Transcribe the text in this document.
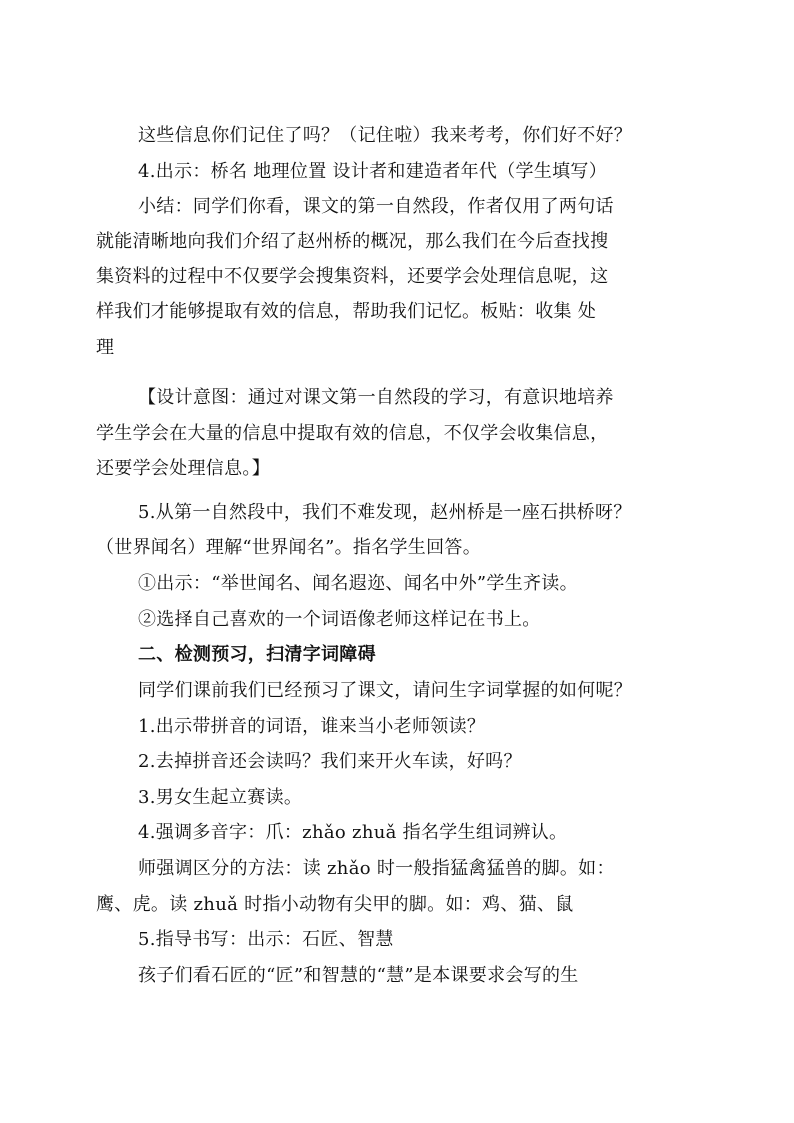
这些信息你们记住了吗？（记住啦）我来考考，你们好不好？
4.出示：桥名 地理位置 设计者和建造者年代（学生填写）
小结：同学们你看，课文的第一自然段，作者仅用了两句话
就能清晰地向我们介绍了赵州桥的概况，那么我们在今后查找搜
集资料的过程中不仅要学会搜集资料，还要学会处理信息呢，这
样我们才能够提取有效的信息，帮助我们记忆。板贴：收集 处
理
【设计意图：通过对课文第一自然段的学习，有意识地培养
学生学会在大量的信息中提取有效的信息，不仅学会收集信息，
还要学会处理信息。】
5.从第一自然段中，我们不难发现，赵州桥是一座石拱桥呀？
（世界闻名）理解“世界闻名”。指名学生回答。
①出示：“举世闻名、闻名遐迩、闻名中外”学生齐读。
②选择自己喜欢的一个词语像老师这样记在书上。
二、检测预习，扫清字词障碍
同学们课前我们已经预习了课文，请问生字词掌握的如何呢？
1.出示带拼音的词语，谁来当小老师领读？
2.去掉拼音还会读吗？我们来开火车读，好吗？
3.男女生起立赛读。
4.强调多音字：爪：zhǎo zhuǎ 指名学生组词辨认。
师强调区分的方法：读 zhǎo 时一般指猛禽猛兽的脚。如：
鹰、虎。读 zhuǎ 时指小动物有尖甲的脚。如：鸡、猫、鼠
5.指导书写：出示：石匠、智慧
孩子们看石匠的“匠”和智慧的“慧”是本课要求会写的生
